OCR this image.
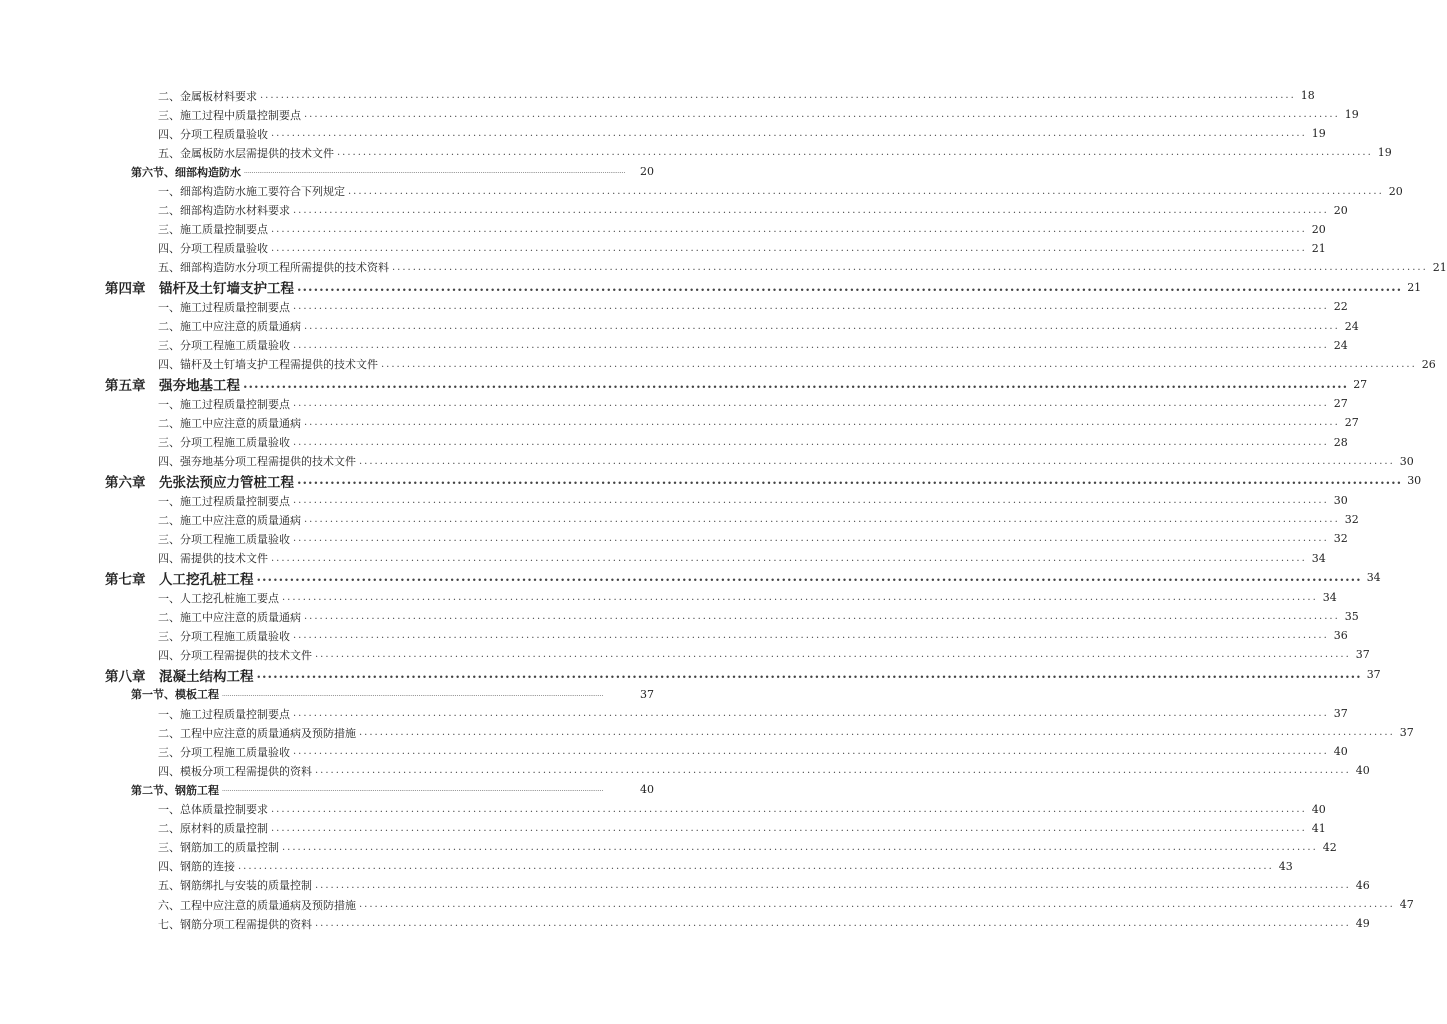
二、金属板材料要求 ........................................................................................................................................................................................................ 18
三、施工过程中质量控制要点 ........................................................................................................................................................................................................ 19
四、分项工程质量验收 ........................................................................................................................................................................................................ 19
五、金属板防水层需提供的技术文件 ........................................................................................................................................................................................................ 19
第六节、细部构造防水 ........................................................................................................................................................................................................	20
一、细部构造防水施工要符合下列规定 ........................................................................................................................................................................................................ 20
二、细部构造防水材料要求 ........................................................................................................................................................................................................ 20
三、施工质量控制要点 ........................................................................................................................................................................................................ 20
四、分项工程质量验收 ........................................................................................................................................................................................................ 21
五、细部构造防水分项工程所需提供的技术资料 ........................................................................................................................................................................................................ 21
第四章　锚杆及土钉墙支护工程 ........................................................................................................................................................................................................ 21
一、施工过程质量控制要点 ........................................................................................................................................................................................................ 22
二、施工中应注意的质量通病 ........................................................................................................................................................................................................ 24
三、分项工程施工质量验收 ........................................................................................................................................................................................................ 24
四、锚杆及土钉墙支护工程需提供的技术文件 ........................................................................................................................................................................................................ 26
第五章　强夯地基工程 ........................................................................................................................................................................................................ 27
一、施工过程质量控制要点 ........................................................................................................................................................................................................ 27
二、施工中应注意的质量通病 ........................................................................................................................................................................................................ 27
三、分项工程施工质量验收 ........................................................................................................................................................................................................ 28
四、强夯地基分项工程需提供的技术文件 ........................................................................................................................................................................................................ 30
第六章　先张法预应力管桩工程 ........................................................................................................................................................................................................ 30
一、施工过程质量控制要点 ........................................................................................................................................................................................................ 30
二、施工中应注意的质量通病 ........................................................................................................................................................................................................ 32
三、分项工程施工质量验收 ........................................................................................................................................................................................................ 32
四、需提供的技术文件 ........................................................................................................................................................................................................ 34
第七章　人工挖孔桩工程 ........................................................................................................................................................................................................ 34
一、人工挖孔桩施工要点 ........................................................................................................................................................................................................ 34
二、施工中应注意的质量通病 ........................................................................................................................................................................................................ 35
三、分项工程施工质量验收 ........................................................................................................................................................................................................ 36
四、分项工程需提供的技术文件 ........................................................................................................................................................................................................ 37
第八章　混凝土结构工程 ........................................................................................................................................................................................................ 37
第一节、模板工程 ........................................................................................................................................................................................................	37
一、施工过程质量控制要点 ........................................................................................................................................................................................................ 37
二、工程中应注意的质量通病及预防措施 ........................................................................................................................................................................................................ 37
三、分项工程施工质量验收 ........................................................................................................................................................................................................ 40
四、模板分项工程需提供的资料 ........................................................................................................................................................................................................ 40
第二节、钢筋工程 ........................................................................................................................................................................................................	40
一、总体质量控制要求 ........................................................................................................................................................................................................ 40
二、原材料的质量控制 ........................................................................................................................................................................................................ 41
三、钢筋加工的质量控制 ........................................................................................................................................................................................................ 42
四、钢筋的连接 ........................................................................................................................................................................................................ 43
五、钢筋绑扎与安装的质量控制 ........................................................................................................................................................................................................ 46
六、工程中应注意的质量通病及预防措施 ........................................................................................................................................................................................................ 47
七、钢筋分项工程需提供的资料 ........................................................................................................................................................................................................ 49
